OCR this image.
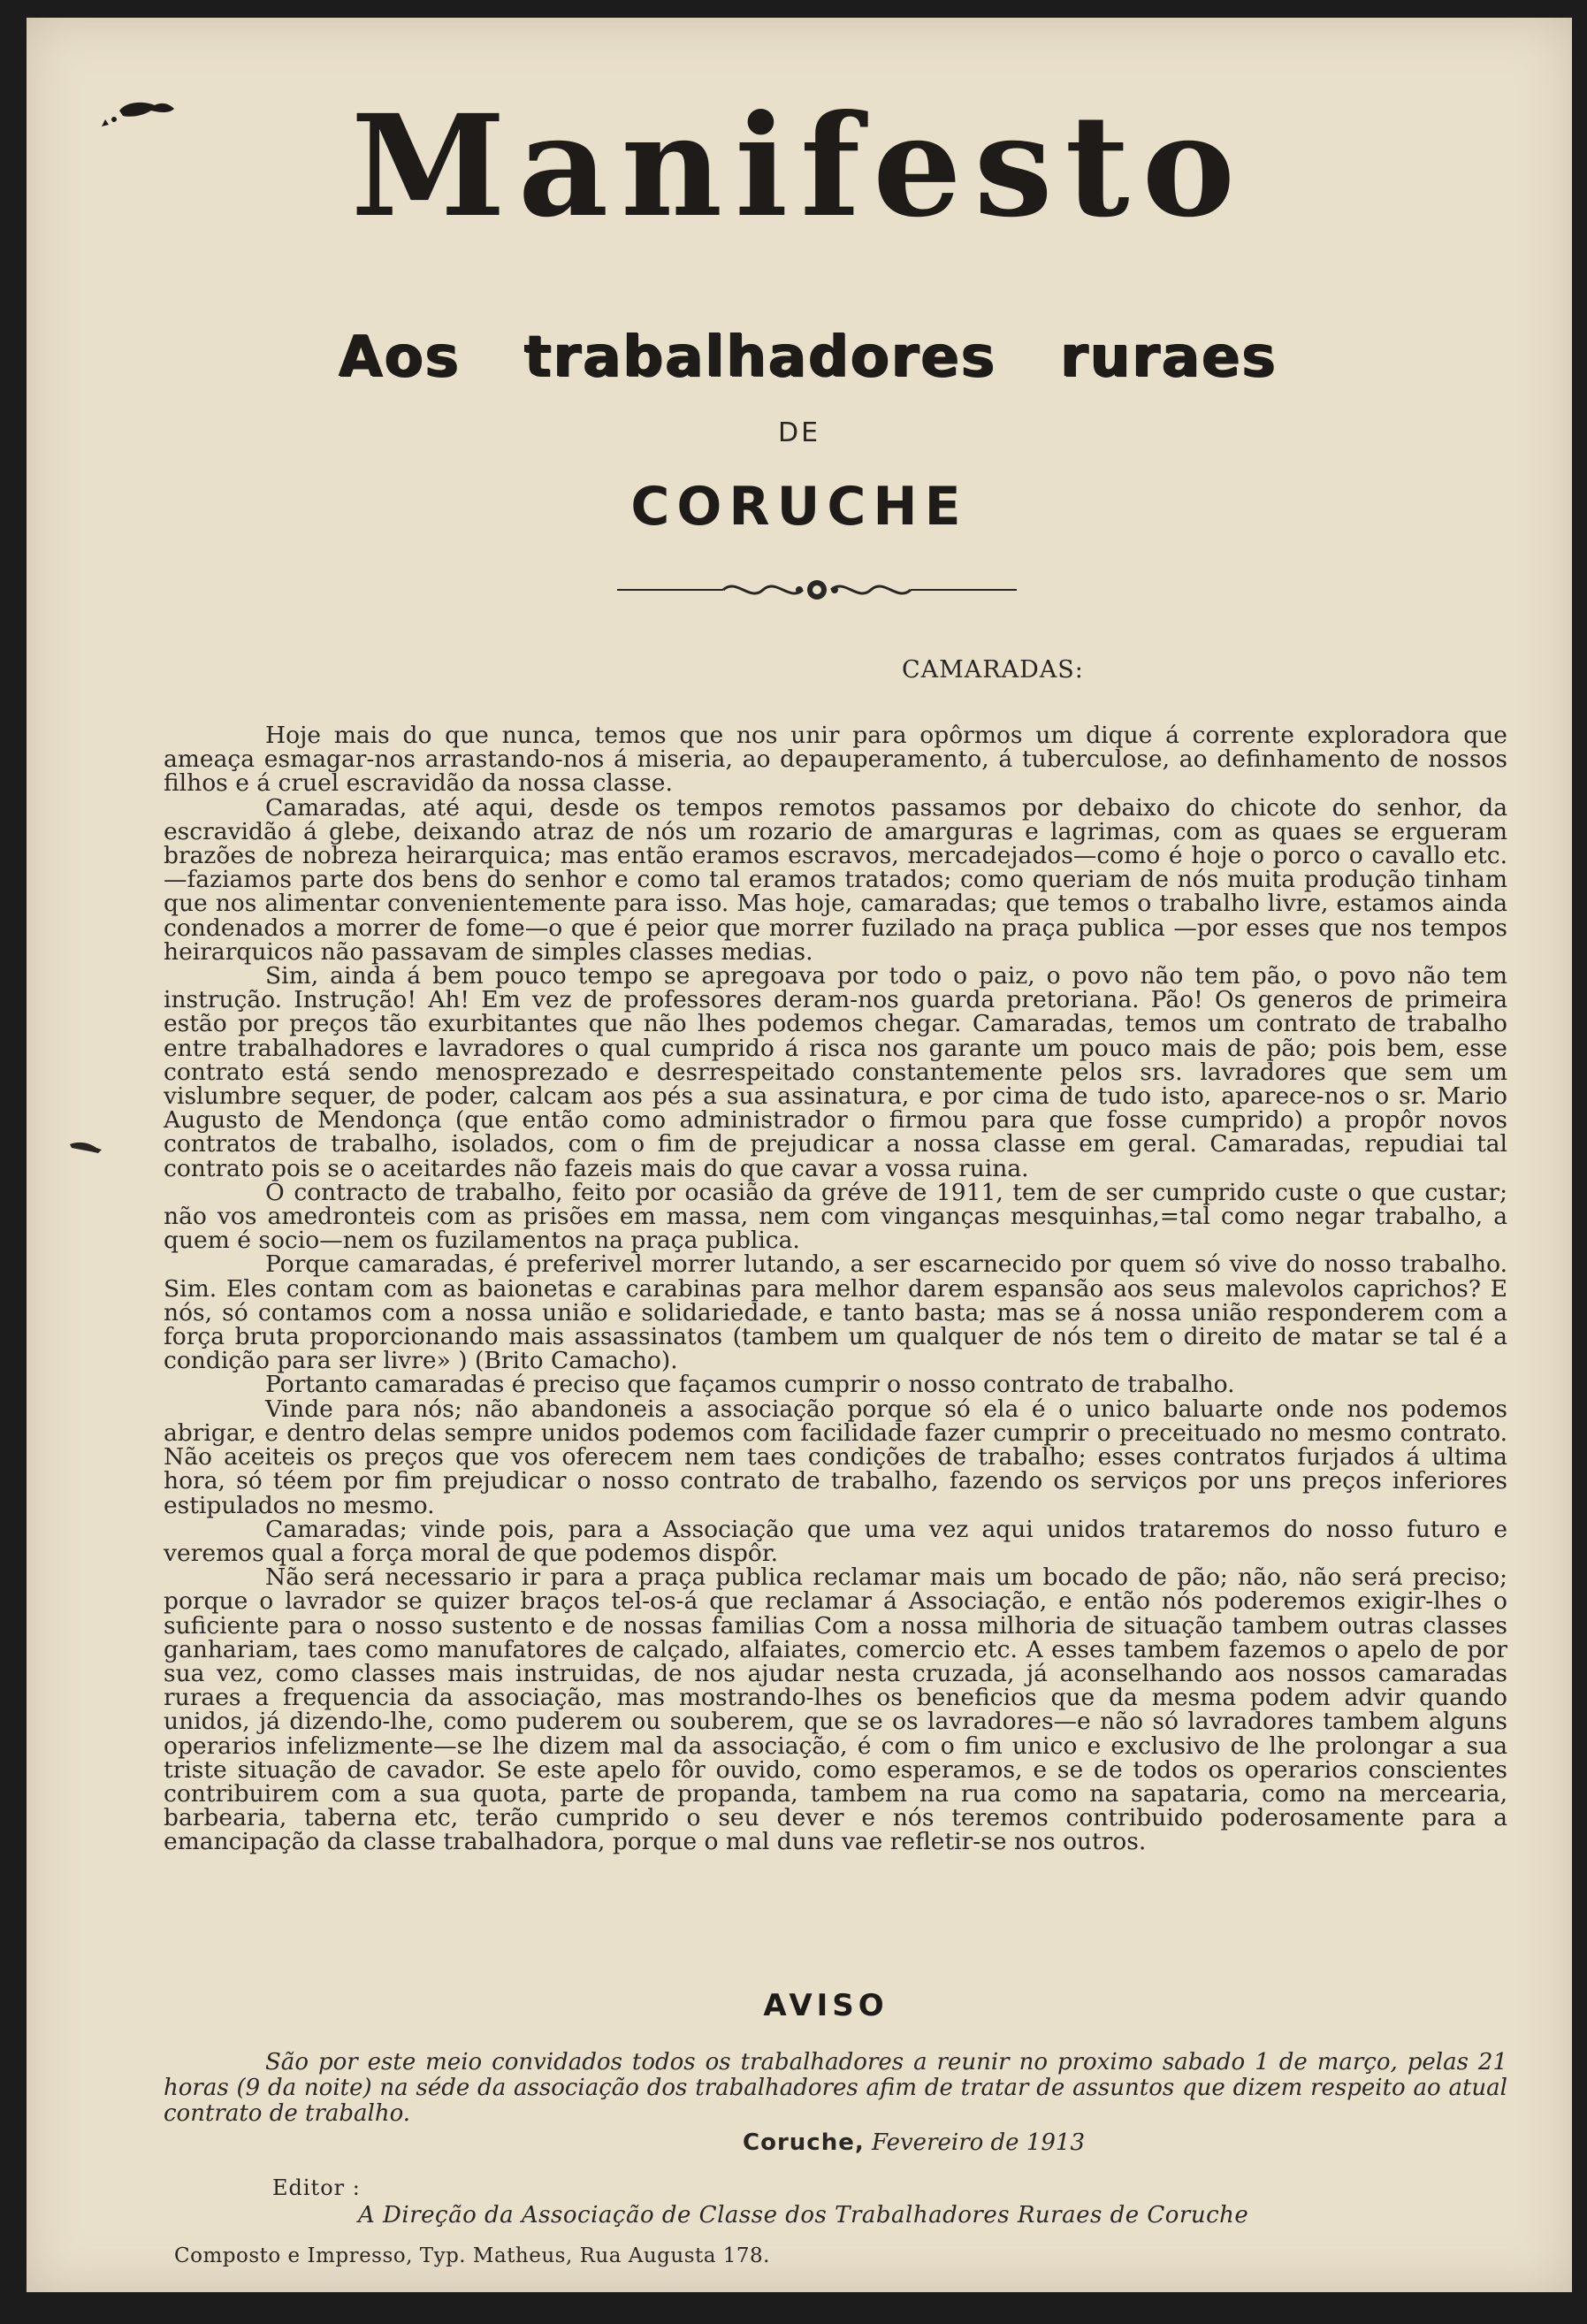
Manifesto
Aos trabalhadores ruraes
DE
CORUCHE
CAMARADAS:

Hoje mais do que nunca, temos que nos unir para opôrmos um dique á corrente exploradora que ameaça esmagar-nos arrastando-nos á miseria, ao depauperamento, á tuberculose, ao definhamento de nossos filhos e á cruel escravidão da nossa classe.

Camaradas, até aqui, desde os tempos remotos passamos por debaixo do chicote do senhor, da escravidão á glebe, deixando atraz de nós um rozario de amarguras e lagrimas, com as quaes se ergueram brazões de nobreza heirarquica; mas então eramos escravos, mercadejados—como é hoje o porco o cavallo etc. —faziamos parte dos bens do senhor e como tal eramos tratados; como queriam de nós muita produção tinham que nos alimentar convenientemente para isso. Mas hoje, camaradas; que temos o trabalho livre, estamos ainda condenados a morrer de fome—o que é peior que morrer fuzilado na praça publica —por esses que nos tempos heirarquicos não passavam de simples classes medias.

Sim, ainda á bem pouco tempo se apregoava por todo o paiz, o povo não tem pão, o povo não tem instrução. Instrução! Ah! Em vez de professores deram-nos guarda pretoriana. Pão! Os generos de primeira estão por preços tão exurbitantes que não lhes podemos chegar. Camaradas, temos um contrato de trabalho entre trabalhadores e lavradores o qual cumprido á risca nos garante um pouco mais de pão; pois bem, esse contrato está sendo menosprezado e desrrespeitado constantemente pelos srs. lavradores que sem um vislumbre sequer, de poder, calcam aos pés a sua assinatura, e por cima de tudo isto, aparece-nos o sr. Mario Augusto de Mendonça (que então como administrador o firmou para que fosse cumprido) a propôr novos contratos de trabalho, isolados, com o fim de prejudicar a nossa classe em geral. Camaradas, repudiai tal contrato pois se o aceitardes não fazeis mais do que cavar a vossa ruina.

O contracto de trabalho, feito por ocasião da gréve de 1911, tem de ser cumprido custe o que custar; não vos amedronteis com as prisões em massa, nem com vinganças mesquinhas,=tal como negar trabalho, a quem é socio—nem os fuzilamentos na praça publica.

Porque camaradas, é preferivel morrer lutando, a ser escarnecido por quem só vive do nosso trabalho. Sim. Eles contam com as baionetas e carabinas para melhor darem espansão aos seus malevolos caprichos? E nós, só contamos com a nossa união e solidariedade, e tanto basta; mas se á nossa união responderem com a força bruta proporcionando mais assassinatos (tambem um qualquer de nós tem o direito de matar se tal é a condição para ser livre» ) (Brito Camacho).

Portanto camaradas é preciso que façamos cumprir o nosso contrato de trabalho.

Vinde para nós; não abandoneis a associação porque só ela é o unico baluarte onde nos podemos abrigar, e dentro delas sempre unidos podemos com facilidade fazer cumprir o preceituado no mesmo contrato. Não aceiteis os preços que vos oferecem nem taes condições de trabalho; esses contratos furjados á ultima hora, só téem por fim prejudicar o nosso contrato de trabalho, fazendo os serviços por uns preços inferiores estipulados no mesmo.

Camaradas; vinde pois, para a Associação que uma vez aqui unidos trataremos do nosso futuro e veremos qual a força moral de que podemos dispôr.

Não será necessario ir para a praça publica reclamar mais um bocado de pão; não, não será preciso; porque o lavrador se quizer braços tel-os-á que reclamar á Associação, e então nós poderemos exigir-lhes o suficiente para o nosso sustento e de nossas familias Com a nossa milhoria de situação tambem outras classes ganhariam, taes como manufatores de calçado, alfaiates, comercio etc. A esses tambem fazemos o apelo de por sua vez, como classes mais instruidas, de nos ajudar nesta cruzada, já aconselhando aos nossos camaradas ruraes a frequencia da associação, mas mostrando-lhes os beneficios que da mesma podem advir quando unidos, já dizendo-lhe, como puderem ou souberem, que se os lavradores—e não só lavradores tambem alguns operarios infelizmente—se lhe dizem mal da associação, é com o fim unico e exclusivo de lhe prolongar a sua triste situação de cavador. Se este apelo fôr ouvido, como esperamos, e se de todos os operarios conscientes contribuirem com a sua quota, parte de propanda, tambem na rua como na sapataria, como na mercearia, barbearia, taberna etc, terão cumprido o seu dever e nós teremos contribuido poderosamente para a emancipação da classe trabalhadora, porque o mal duns vae refletir-se nos outros.

AVISO
São por este meio convidados todos os trabalhadores a reunir no proximo sabado 1 de março, pelas 21 horas (9 da noite) na séde da associação dos trabalhadores afim de tratar de assuntos que dizem respeito ao atual contrato de trabalho.
Coruche, Fevereiro de 1913
Editor :
A Direção da Associação de Classe dos Trabalhadores Ruraes de Coruche
Composto e Impresso, Typ. Matheus, Rua Augusta 178.
